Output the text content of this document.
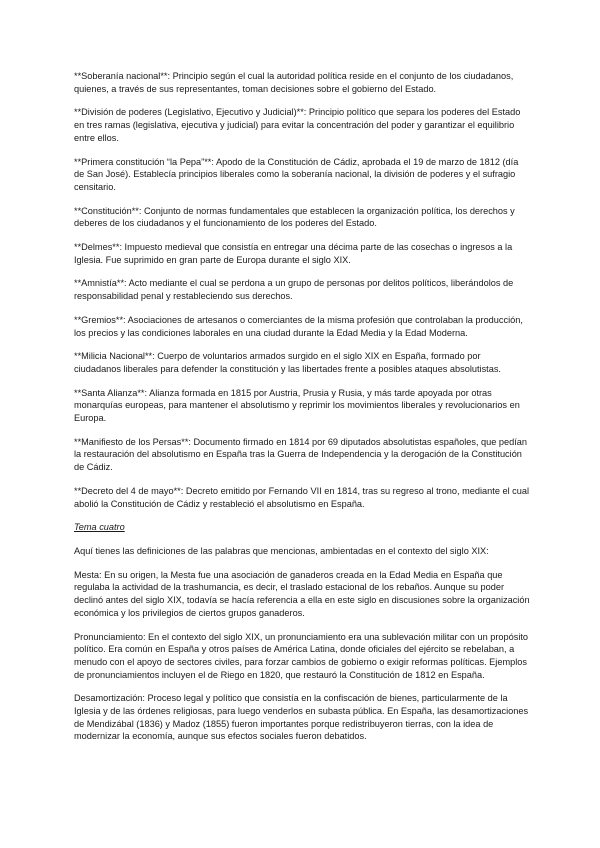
**Soberanía nacional**: Principio según el cual la autoridad política reside en el conjunto de los ciudadanos, quienes, a través de sus representantes, toman decisiones sobre el gobierno del Estado.

**División de poderes (Legislativo, Ejecutivo y Judicial)**: Principio político que separa los poderes del Estado en tres ramas (legislativa, ejecutiva y judicial) para evitar la concentración del poder y garantizar el equilibrio entre ellos.

**Primera constitución “la Pepa”**: Apodo de la Constitución de Cádiz, aprobada el 19 de marzo de 1812 (día de San José). Establecía principios liberales como la soberanía nacional, la división de poderes y el sufragio censitario.

**Constitución**: Conjunto de normas fundamentales que establecen la organización política, los derechos y deberes de los ciudadanos y el funcionamiento de los poderes del Estado.

**Delmes**: Impuesto medieval que consistía en entregar una décima parte de las cosechas o ingresos a la Iglesia. Fue suprimido en gran parte de Europa durante el siglo XIX.

**Amnistía**: Acto mediante el cual se perdona a un grupo de personas por delitos políticos, liberándolos de responsabilidad penal y restableciendo sus derechos.

**Gremios**: Asociaciones de artesanos o comerciantes de la misma profesión que controlaban la producción, los precios y las condiciones laborales en una ciudad durante la Edad Media y la Edad Moderna.

**Milicia Nacional**: Cuerpo de voluntarios armados surgido en el siglo XIX en España, formado por ciudadanos liberales para defender la constitución y las libertades frente a posibles ataques absolutistas.

**Santa Alianza**: Alianza formada en 1815 por Austria, Prusia y Rusia, y más tarde apoyada por otras monarquías europeas, para mantener el absolutismo y reprimir los movimientos liberales y revolucionarios en Europa.

**Manifiesto de los Persas**: Documento firmado en 1814 por 69 diputados absolutistas españoles, que pedían la restauración del absolutismo en España tras la Guerra de Independencia y la derogación de la Constitución de Cádiz.

**Decreto del 4 de mayo**: Decreto emitido por Fernando VII en 1814, tras su regreso al trono, mediante el cual abolió la Constitución de Cádiz y restableció el absolutismo en España.

Tema cuatro

Aquí tienes las definiciones de las palabras que mencionas, ambientadas en el contexto del siglo XIX:

Mesta: En su origen, la Mesta fue una asociación de ganaderos creada en la Edad Media en España que regulaba la actividad de la trashumancia, es decir, el traslado estacional de los rebaños. Aunque su poder declinó antes del siglo XIX, todavía se hacía referencia a ella en este siglo en discusiones sobre la organización económica y los privilegios de ciertos grupos ganaderos.

Pronunciamiento: En el contexto del siglo XIX, un pronunciamiento era una sublevación militar con un propósito político. Era común en España y otros países de América Latina, donde oficiales del ejército se rebelaban, a menudo con el apoyo de sectores civiles, para forzar cambios de gobierno o exigir reformas políticas. Ejemplos de pronunciamientos incluyen el de Riego en 1820, que restauró la Constitución de 1812 en España.

Desamortización: Proceso legal y político que consistía en la confiscación de bienes, particularmente de la Iglesia y de las órdenes religiosas, para luego venderlos en subasta pública. En España, las desamortizaciones de Mendizábal (1836) y Madoz (1855) fueron importantes porque redistribuyeron tierras, con la idea de modernizar la economía, aunque sus efectos sociales fueron debatidos.
